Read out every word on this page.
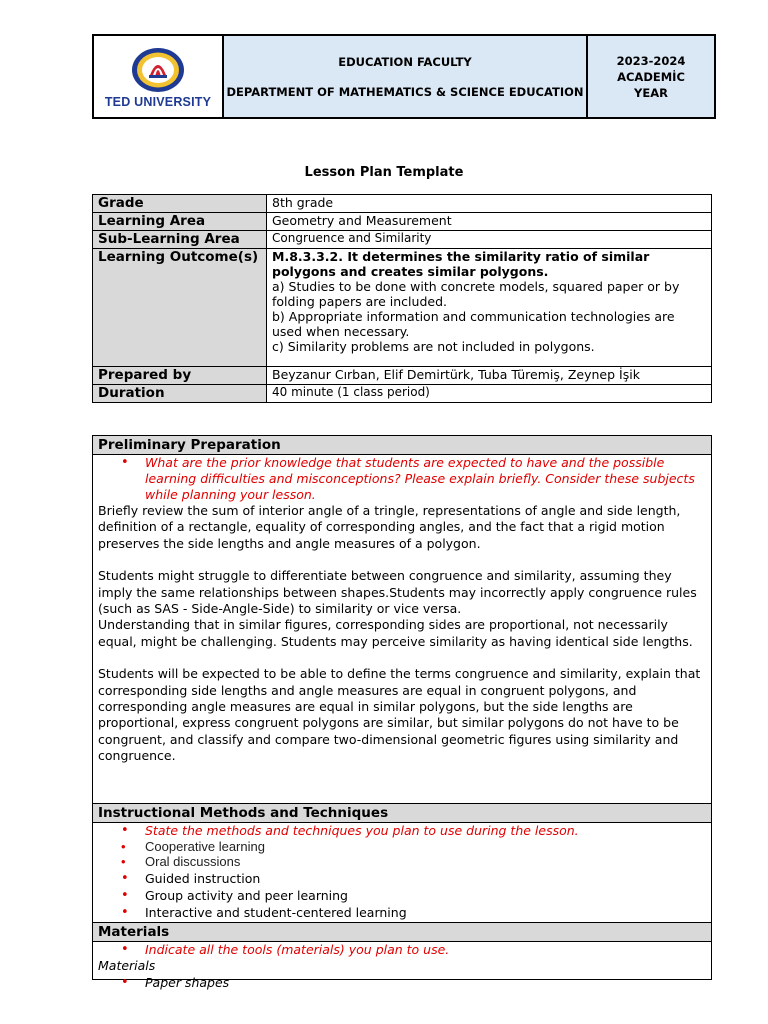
TED UNIVERSITY
EDUCATION FACULTY
DEPARTMENT OF MATHEMATICS & SCIENCE EDUCATION
2023-2024
ACADEMİC
YEAR
Lesson Plan Template
Grade	8th grade
Learning Area	Geometry and Measurement
Sub-Learning Area	Congruence and Similarity
Learning Outcome(s)	M.8.3.3.2. It determines the similarity ratio of similar polygons and creates similar polygons.
a) Studies to be done with concrete models, squared paper or by folding papers are included.
b) Appropriate information and communication technologies are used when necessary.
c) Similarity problems are not included in polygons.

Prepared by	Beyzanur Cırban, Elif Demirtürk, Tuba Türemiş, Zeynep İşik
Duration	40 minute (1 class period)
Preliminary Preparation
• What are the prior knowledge that students are expected to have and the possible learning difficulties and misconceptions? Please explain briefly. Consider these subjects while planning your lesson.
Briefly review the sum of interior angle of a tringle, representations of angle and side length, definition of a rectangle, equality of corresponding angles, and the fact that a rigid motion preserves the side lengths and angle measures of a polygon.
Students might struggle to differentiate between congruence and similarity, assuming they imply the same relationships between shapes.Students may incorrectly apply congruence rules (such as SAS - Side-Angle-Side) to similarity or vice versa.
Understanding that in similar figures, corresponding sides are proportional, not necessarily equal, might be challenging. Students may perceive similarity as having identical side lengths.
Students will be expected to be able to define the terms congruence and similarity, explain that corresponding side lengths and angle measures are equal in congruent polygons, and corresponding angle measures are equal in similar polygons, but the side lengths are proportional, express congruent polygons are similar, but similar polygons do not have to be congruent, and classify and compare two-dimensional geometric figures using similarity and congruence.
Instructional Methods and Techniques
• State the methods and techniques you plan to use during the lesson.
• Cooperative learning
• Oral discussions
• Guided instruction
• Group activity and peer learning
• Interactive and student-centered learning
Materials
• Indicate all the tools (materials) you plan to use.
Materials
• Paper shapes
